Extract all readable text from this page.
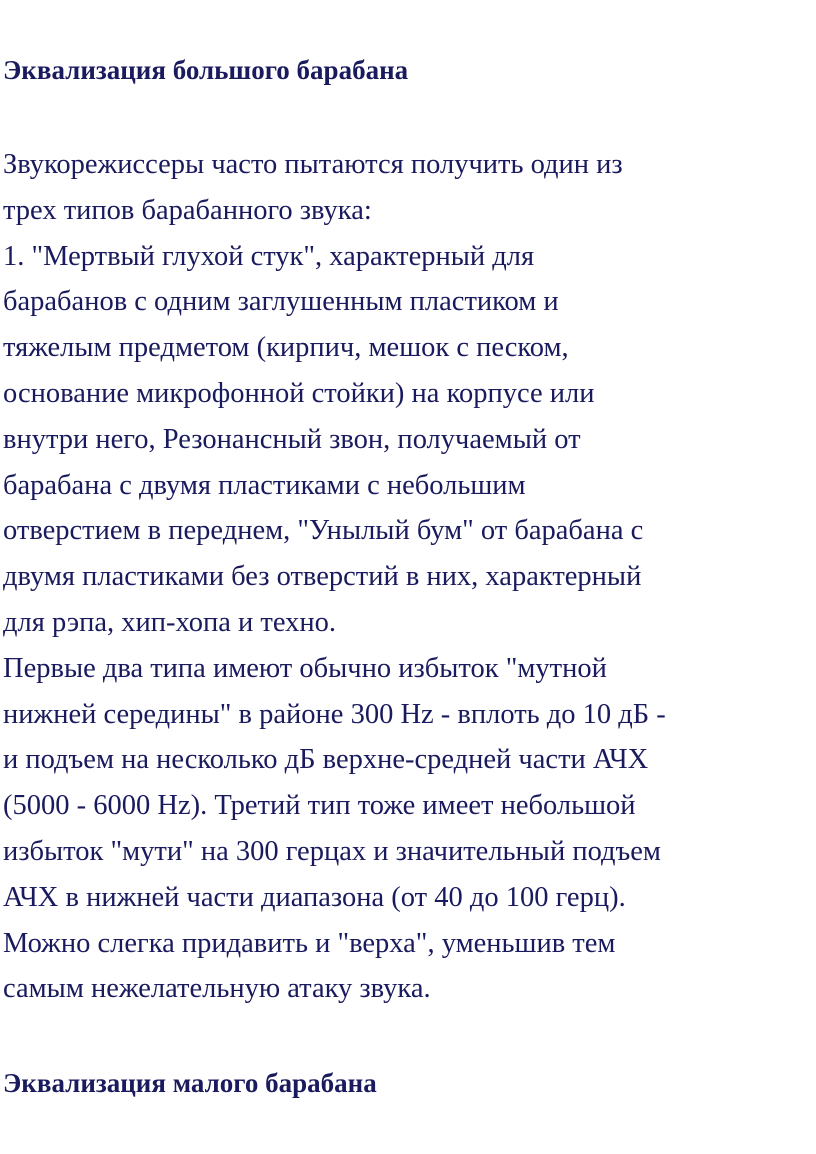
Эквализация большого барабана

Звукорежиссеры часто пытаются получить один из
трех типов барабанного звука:
1. "Мертвый глухой стук", характерный для
барабанов с одним заглушенным пластиком и
тяжелым предметом (кирпич, мешок с песком,
основание микрофонной стойки) на корпусе или
внутри него, Резонансный звон, получаемый от
барабана с двумя пластиками с небольшим
отверстием в переднем, "Унылый бум" от барабана с
двумя пластиками без отверстий в них, характерный
для рэпа, хип-хопа и техно.
Первые два типа имеют обычно избыток "мутной
нижней середины" в районе 300 Hz - вплоть до 10 дБ -
и подъем на несколько дБ верхне-средней части АЧХ
(5000 - 6000 Hz). Третий тип тоже имеет небольшой
избыток "мути" на 300 герцах и значительный подъем
АЧХ в нижней части диапазона (от 40 до 100 герц).
Можно слегка придавить и "верха", уменьшив тем
самым нежелательную атаку звука.

Эквализация малого барабана
